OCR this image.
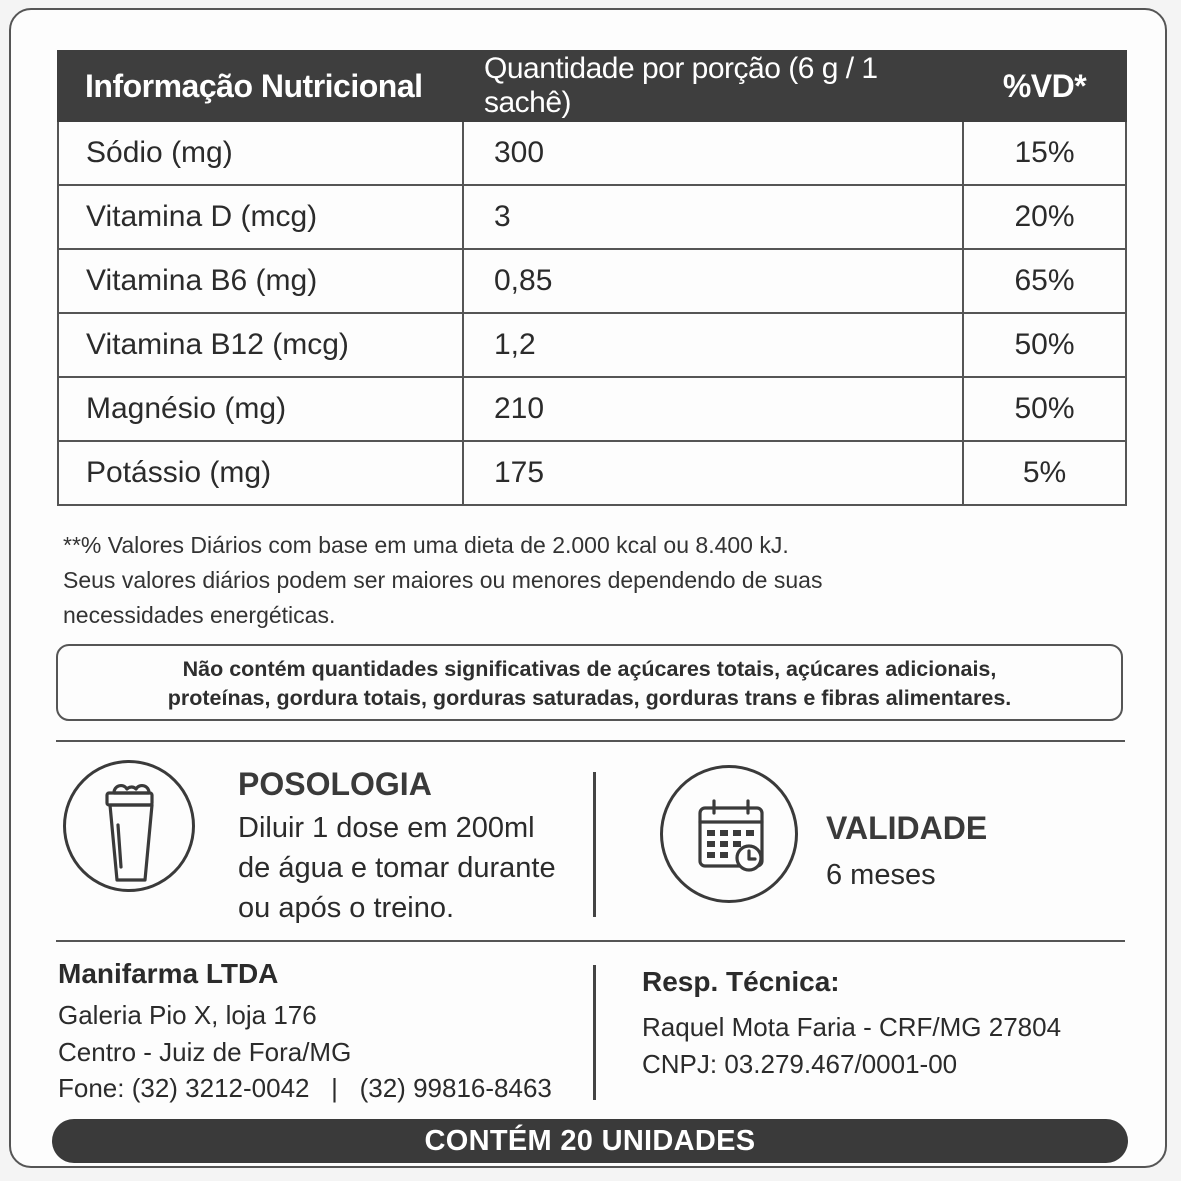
Informação Nutricional	Quantidade por porção (6 g / 1 sachê)	%VD*
Sódio (mg)	300	15%
Vitamina D (mcg)	3	20%
Vitamina B6 (mg)	0,85	65%
Vitamina B12 (mcg)	1,2	50%
Magnésio (mg)	210	50%
Potássio (mg)	175	5%
**% Valores Diários com base em uma dieta de 2.000 kcal ou 8.400 kJ.
Seus valores diários podem ser maiores ou menores dependendo de suas
necessidades energéticas.
Não contém quantidades significativas de açúcares totais, açúcares adicionais,
proteínas, gordura totais, gorduras saturadas, gorduras trans e fibras alimentares.
POSOLOGIA
Diluir 1 dose em 200ml
de água e tomar durante
ou após o treino.
VALIDADE
6 meses
Manifarma LTDA
Galeria Pio X, loja 176
Centro - Juiz de Fora/MG
Fone: (32) 3212-0042   |   (32) 99816-8463
Resp. Técnica:
Raquel Mota Faria - CRF/MG 27804
CNPJ: 03.279.467/0001-00
CONTÉM 20 UNIDADES
